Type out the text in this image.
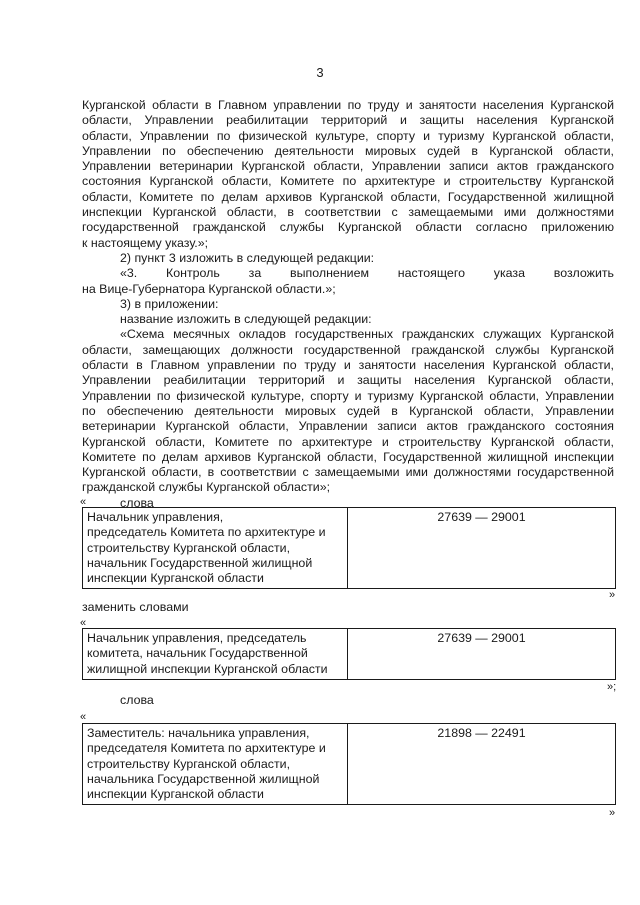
3

Курганской области в Главном управлении по труду и занятости населения Курганской

области, Управлении реабилитации территорий и защиты населения Курганской

области, Управлении по физической культуре, спорту и туризму Курганской области,

Управлении по обеспечению деятельности мировых судей в Курганской области,

Управлении ветеринарии Курганской области, Управлении записи актов гражданского

состояния Курганской области, Комитете по архитектуре и строительству Курганской

области, Комитете по делам архивов Курганской области, Государственной жилищной

инспекции Курганской области, в соответствии с замещаемыми ими должностями

государственной гражданской службы Курганской области согласно приложению

к настоящему указу.»;

2) пункт 3 изложить в следующей редакции:

«3. Контроль за выполнением настоящего указа возложить

на Вице-Губернатора Курганской области.»;

3) в приложении:

название изложить в следующей редакции:

«Схема месячных окладов государственных гражданских служащих Курганской

области, замещающих должности государственной гражданской службы Курганской

области в Главном управлении по труду и занятости населения Курганской области,

Управлении реабилитации территорий и защиты населения Курганской области,

Управлении по физической культуре, спорту и туризму Курганской области, Управлении

по обеспечению деятельности мировых судей в Курганской области, Управлении

ветеринарии Курганской области, Управлении записи актов гражданского состояния

Курганской области, Комитете по архитектуре и строительству Курганской области,

Комитете по делам архивов Курганской области, Государственной жилищной инспекции

Курганской области, в соответствии с замещаемыми ими должностями государственной

гражданской службы Курганской области»;

слова

«
Начальник управления,
председатель Комитета по архитектуре и
строительству Курганской области,
начальник Государственной жилищной
инспекции Курганской области
	27639 — 29001
»
заменить словами
«
Начальник управления, председатель
комитета, начальник Государственной
жилищной инспекции Курганской области
	27639 — 29001
»;
слова
«
Заместитель: начальника управления,
председателя Комитета по архитектуре и
строительству Курганской области,
начальника Государственной жилищной
инспекции Курганской области
	21898 — 22491
»
